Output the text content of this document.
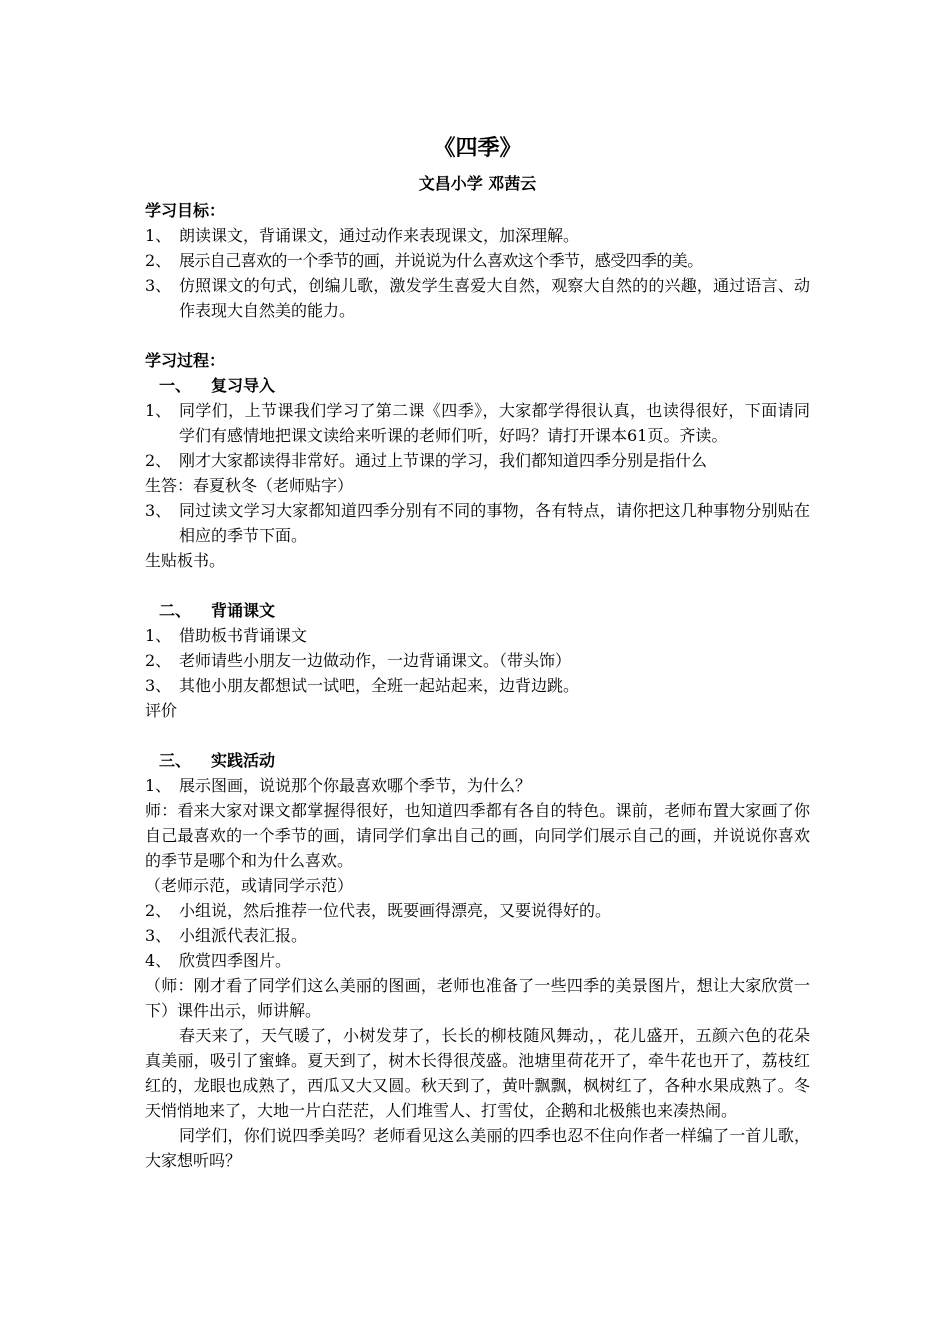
《四季》
文昌小学 邓茜云
学习目标：
1、 朗读课文，背诵课文，通过动作来表现课文，加深理解。
2、 展示自己喜欢的一个季节的画，并说说为什么喜欢这个季节，感受四季的美。
3、 仿照课文的句式，创编儿歌，激发学生喜爱大自然，观察大自然的的兴趣，通过语言、动作表现大自然美的能力。
学习过程：
一、	复习导入
1、 同学们，上节课我们学习了第二课《四季》，大家都学得很认真，也读得很好，下面请同学们有感情地把课文读给来听课的老师们听，好吗？请打开课本61页。齐读。
2、 刚才大家都读得非常好。通过上节课的学习，我们都知道四季分别是指什么
生答：春夏秋冬（老师贴字）
3、 同过读文学习大家都知道四季分别有不同的事物，各有特点，请你把这几种事物分别贴在相应的季节下面。
生贴板书。
二、	背诵课文
1、 借助板书背诵课文
2、 老师请些小朋友一边做动作，一边背诵课文。（带头饰）
3、 其他小朋友都想试一试吧，全班一起站起来，边背边跳。
评价
三、	实践活动
1、 展示图画，说说那个你最喜欢哪个季节，为什么？
师：看来大家对课文都掌握得很好，也知道四季都有各自的特色。课前，老师布置大家画了你自己最喜欢的一个季节的画，请同学们拿出自己的画，向同学们展示自己的画，并说说你喜欢的季节是哪个和为什么喜欢。
（老师示范，或请同学示范）
2、 小组说，然后推荐一位代表，既要画得漂亮，又要说得好的。
3、 小组派代表汇报。
4、 欣赏四季图片。
（师：刚才看了同学们这么美丽的图画，老师也准备了一些四季的美景图片，想让大家欣赏一下）课件出示，师讲解。
春天来了，天气暖了，小树发芽了，长长的柳枝随风舞动，，花儿盛开，五颜六色的花朵真美丽，吸引了蜜蜂。夏天到了，树木长得很茂盛。池塘里荷花开了，牵牛花也开了，荔枝红红的，龙眼也成熟了，西瓜又大又圆。秋天到了，黄叶飘飘，枫树红了，各种水果成熟了。冬天悄悄地来了，大地一片白茫茫，人们堆雪人、打雪仗，企鹅和北极熊也来凑热闹。
同学们，你们说四季美吗？老师看见这么美丽的四季也忍不住向作者一样编了一首儿歌，大家想听吗？
